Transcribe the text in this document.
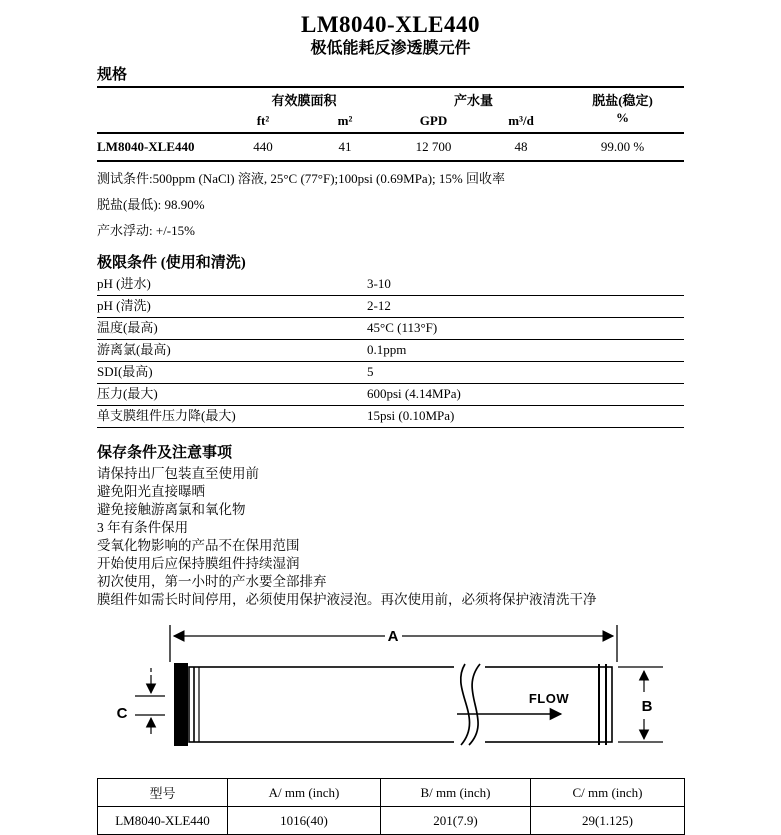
LM8040-XLE440
极低能耗反渗透膜元件
规格
	有效膜面积		产水量		脱盐(稳定)
	ft²	m²	GPD	m³/d	%
LM8040-XLE440	440	41	12 700	48	99.00 %
测试条件:500ppm (NaCl) 溶液, 25°C (77°F);100psi (0.69MPa); 15% 回收率
脱盐(最低): 98.90%
产水浮动: +/-15%
极限条件 (使用和清洗)
pH (进水)	3-10
pH (清洗)	2-12
温度(最高)	45°C (113°F)
游离氯(最高)	0.1ppm
SDI(最高)	5
压力(最大)	600psi (4.14MPa)
单支膜组件压力降(最大)	15psi (0.10MPa)
保存条件及注意事项
请保持出厂包装直至使用前
避免阳光直接曝晒
避免接触游离氯和氧化物
3 年有条件保用
受氧化物影响的产品不在保用范围
开始使用后应保持膜组件持续湿润
初次使用，第一小时的产水要全部排弃
膜组件如需长时间停用，必须使用保护液浸泡。再次使用前，必须将保护液清洗干净
A
FLOW
C	B
型号	A/ mm (inch)	B/ mm (inch)	C/ mm (inch)
LM8040-XLE440	1016(40)	201(7.9)	29(1.125)
